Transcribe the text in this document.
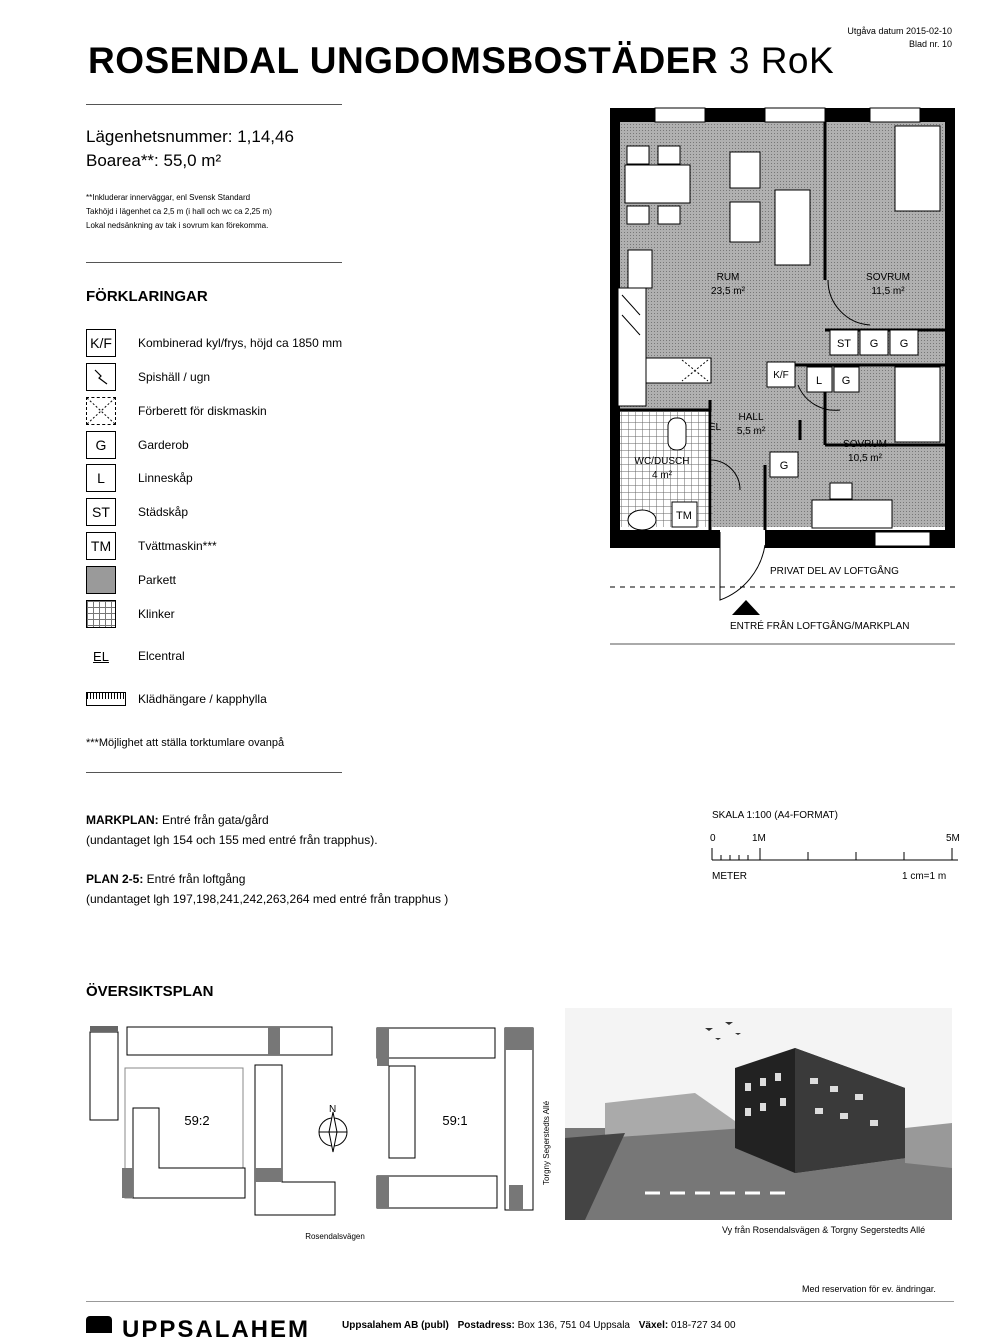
ROSENDAL UNGDOMSBOSTÄDER 3 RoK
Utgåva datum 2015-02-10
Blad nr. 10
Lägenhetsnummer: 1,14,46
Boarea**: 55,0 m²
**Inkluderar innerväggar, enl Svensk Standard
Takhöjd i lägenhet ca 2,5 m (i hall och wc ca 2,25 m)
Lokal nedsänkning av tak i sovrum kan förekomma.
FÖRKLARINGAR
K/F	Kombinerad kyl/frys, höjd ca 1850 mm
Spishäll / ugn
Förberett för diskmaskin
G	Garderob
L	Linneskåp
ST	Städskåp
TM	Tvättmaskin***
Parkett
Klinker
EL	Elcentral
Klädhängare / kapphylla
***Möjlighet att ställa torktumlare ovanpå
MARKPLAN: Entré från gata/gård
(undantaget lgh 154 och 155 med entré från trapphus).
PLAN 2-5: Entré från loftgång
(undantaget lgh 197,198,241,242,263,264 med entré från trapphus )
ST G G
K/F L G
G
EL
TM
RUM
23,5 m²
SOVRUM
11,5 m²
HALL
5,5 m²
WC/DUSCH
4 m²
SOVRUM
10,5 m²
PRIVAT DEL AV LOFTGÅNG
ENTRÉ FRÅN LOFTGÅNG/MARKPLAN
SKALA 1:100 (A4-FORMAT)
0	1M	5M
METER	1 cm=1 m
ÖVERSIKTSPLAN
59:2
N
59:1	Torgny Segerstedts Allé
Rosendalsvägen
Vy från Rosendalsvägen & Torgny Segerstedts Allé
Med reservation för ev. ändringar.
UPPSALAHEM	Uppsalahem AB (publ) Postadress: Box 136, 751 04 Uppsala Växel: 018-727 34 00
